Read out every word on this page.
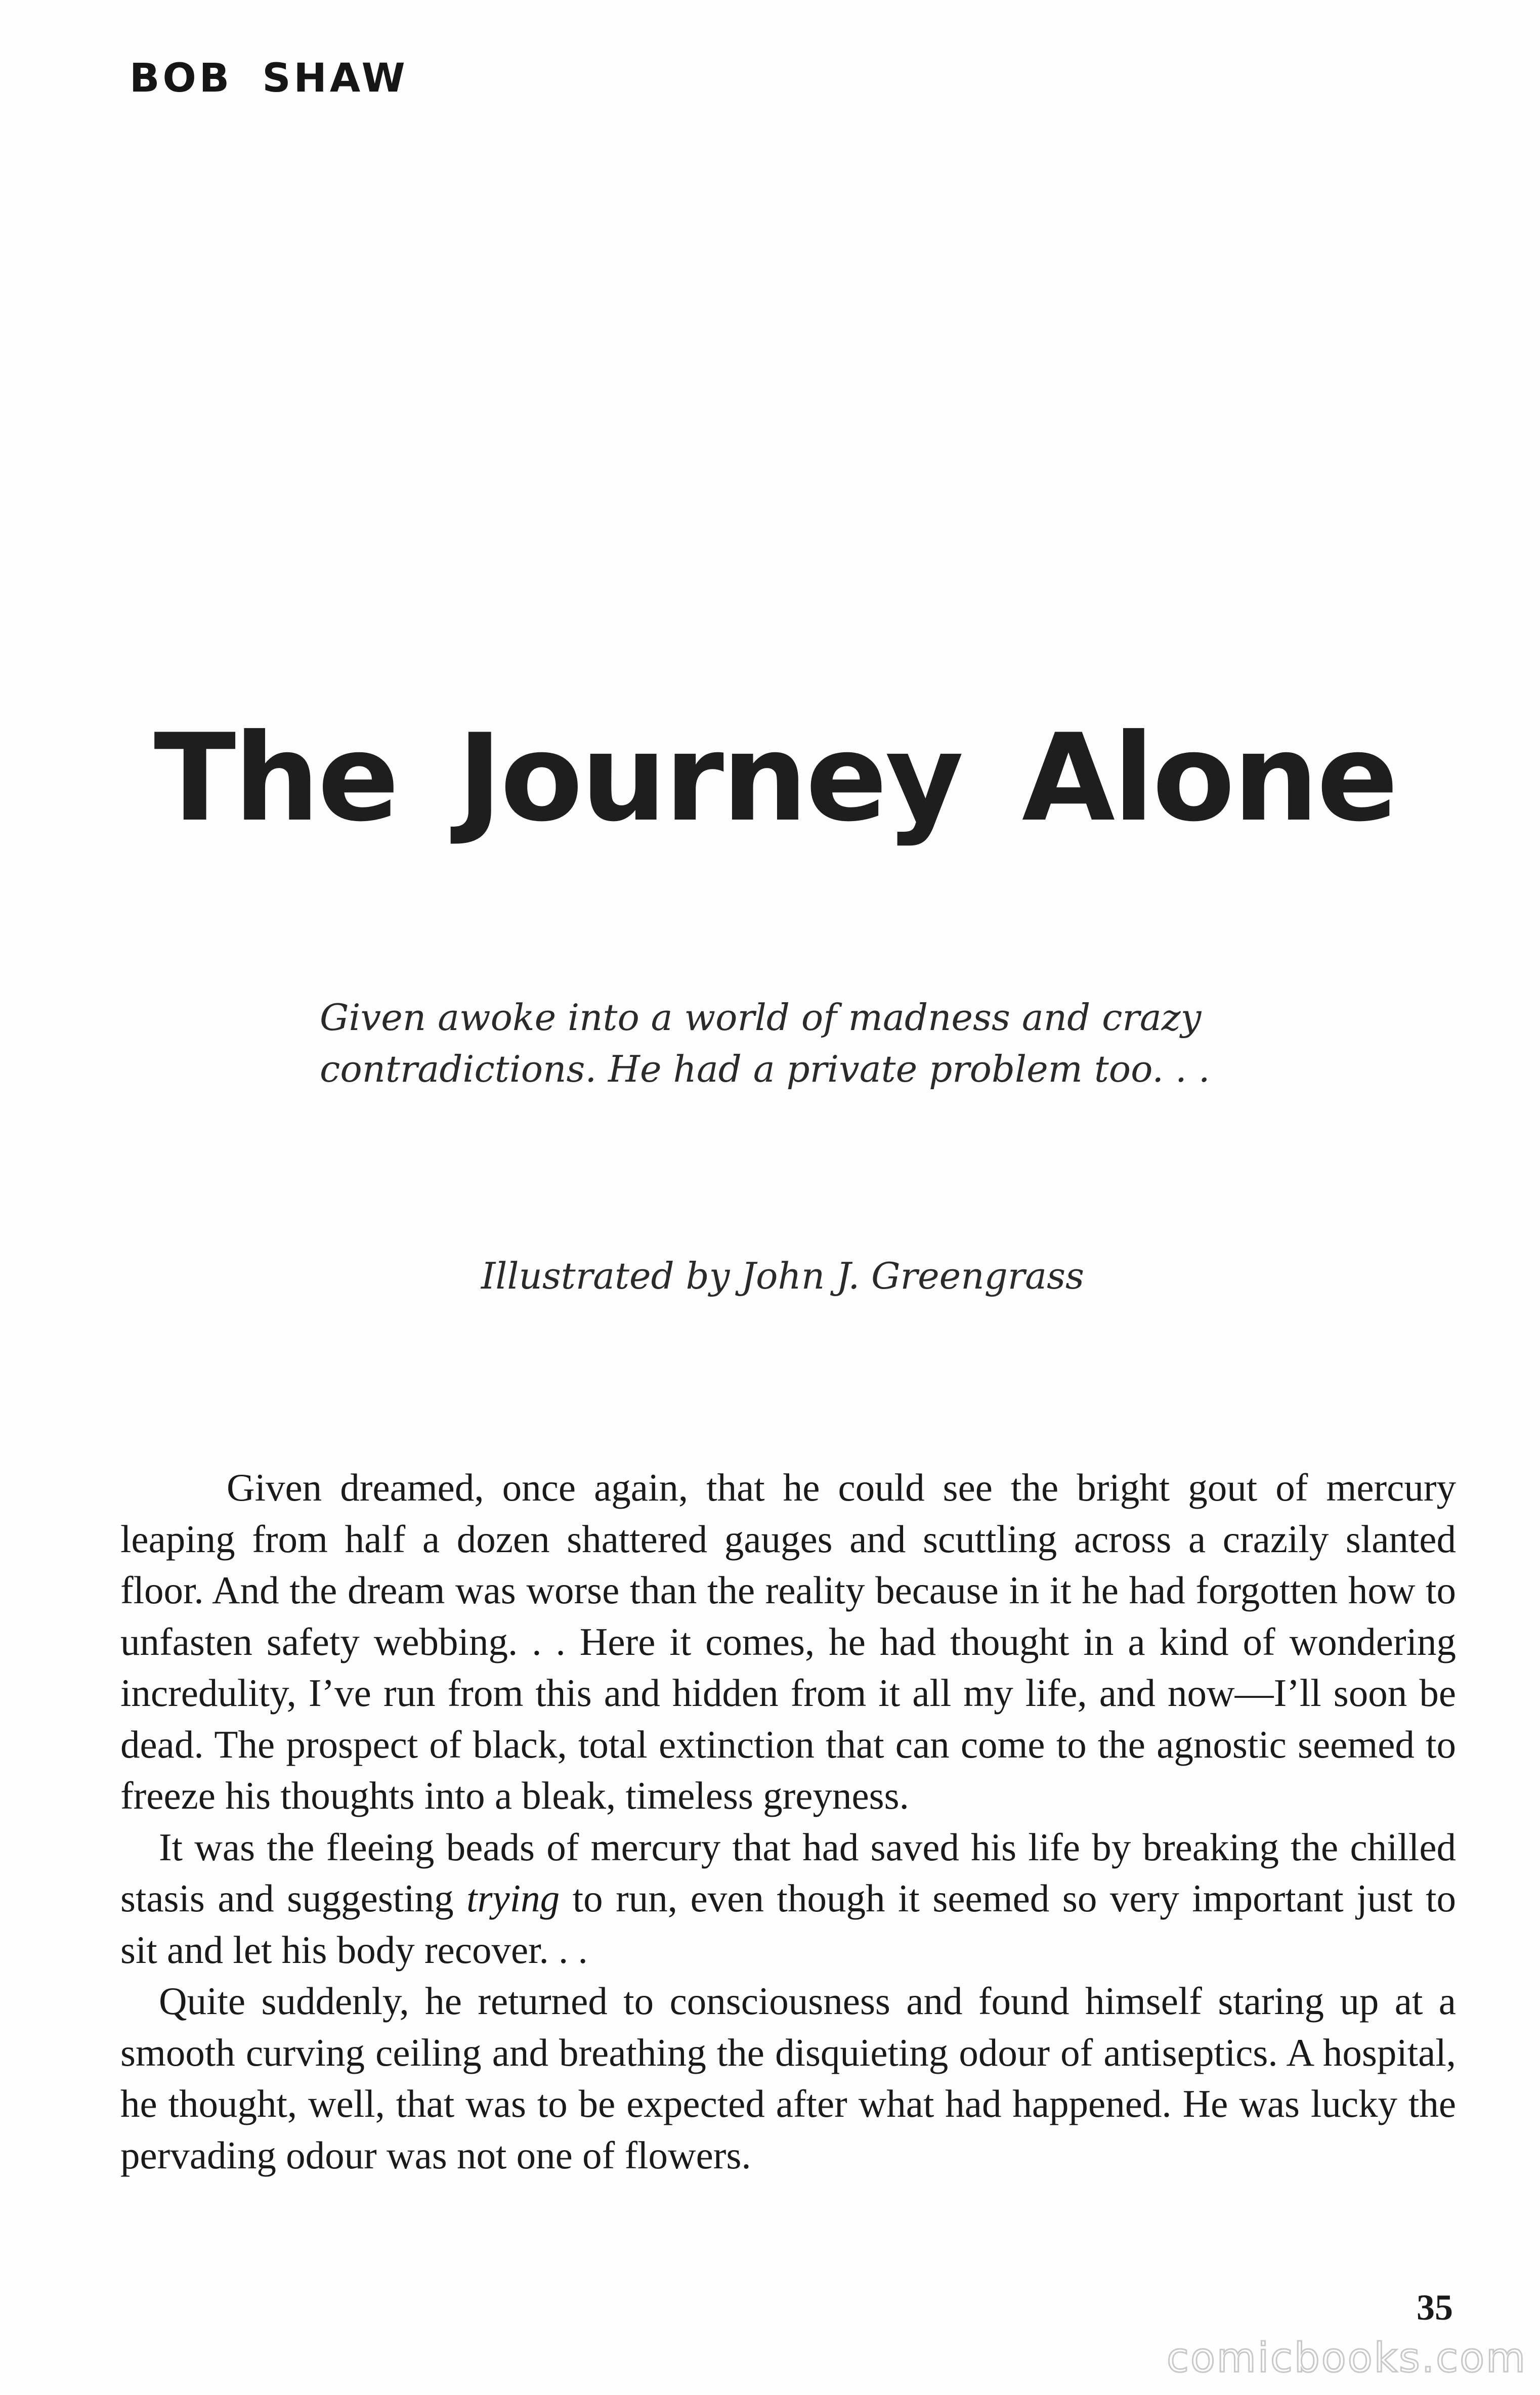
BOB SHAW
The Journey Alone
Given awoke into a world of madness and crazy
contradictions. He had a private problem too. . .

Illustrated by John J. Greengrass

Given dreamed, once again, that he could see the bright gout of mercury leaping from half a dozen shattered gauges and scuttling across a crazily slanted floor. And the dream was worse than the reality because in it he had forgotten how to unfasten safety webbing. . . Here it comes, he had thought in a kind of wondering incredulity, I’ve run from this and hidden from it all my life, and now—I’ll soon be dead. The prospect of black, total extinction that can come to the agnostic seemed to freeze his thoughts into a bleak, timeless greyness.

It was the fleeing beads of mercury that had saved his life by breaking the chilled stasis and suggesting trying to run, even though it seemed so very important just to sit and let his body recover. . .

Quite suddenly, he returned to consciousness and found himself staring up at a smooth curving ceiling and breathing the disquieting odour of antiseptics. A hospital, he thought, well, that was to be expected after what had happened. He was lucky the pervading odour was not one of flowers.

35

comicbooks.com
